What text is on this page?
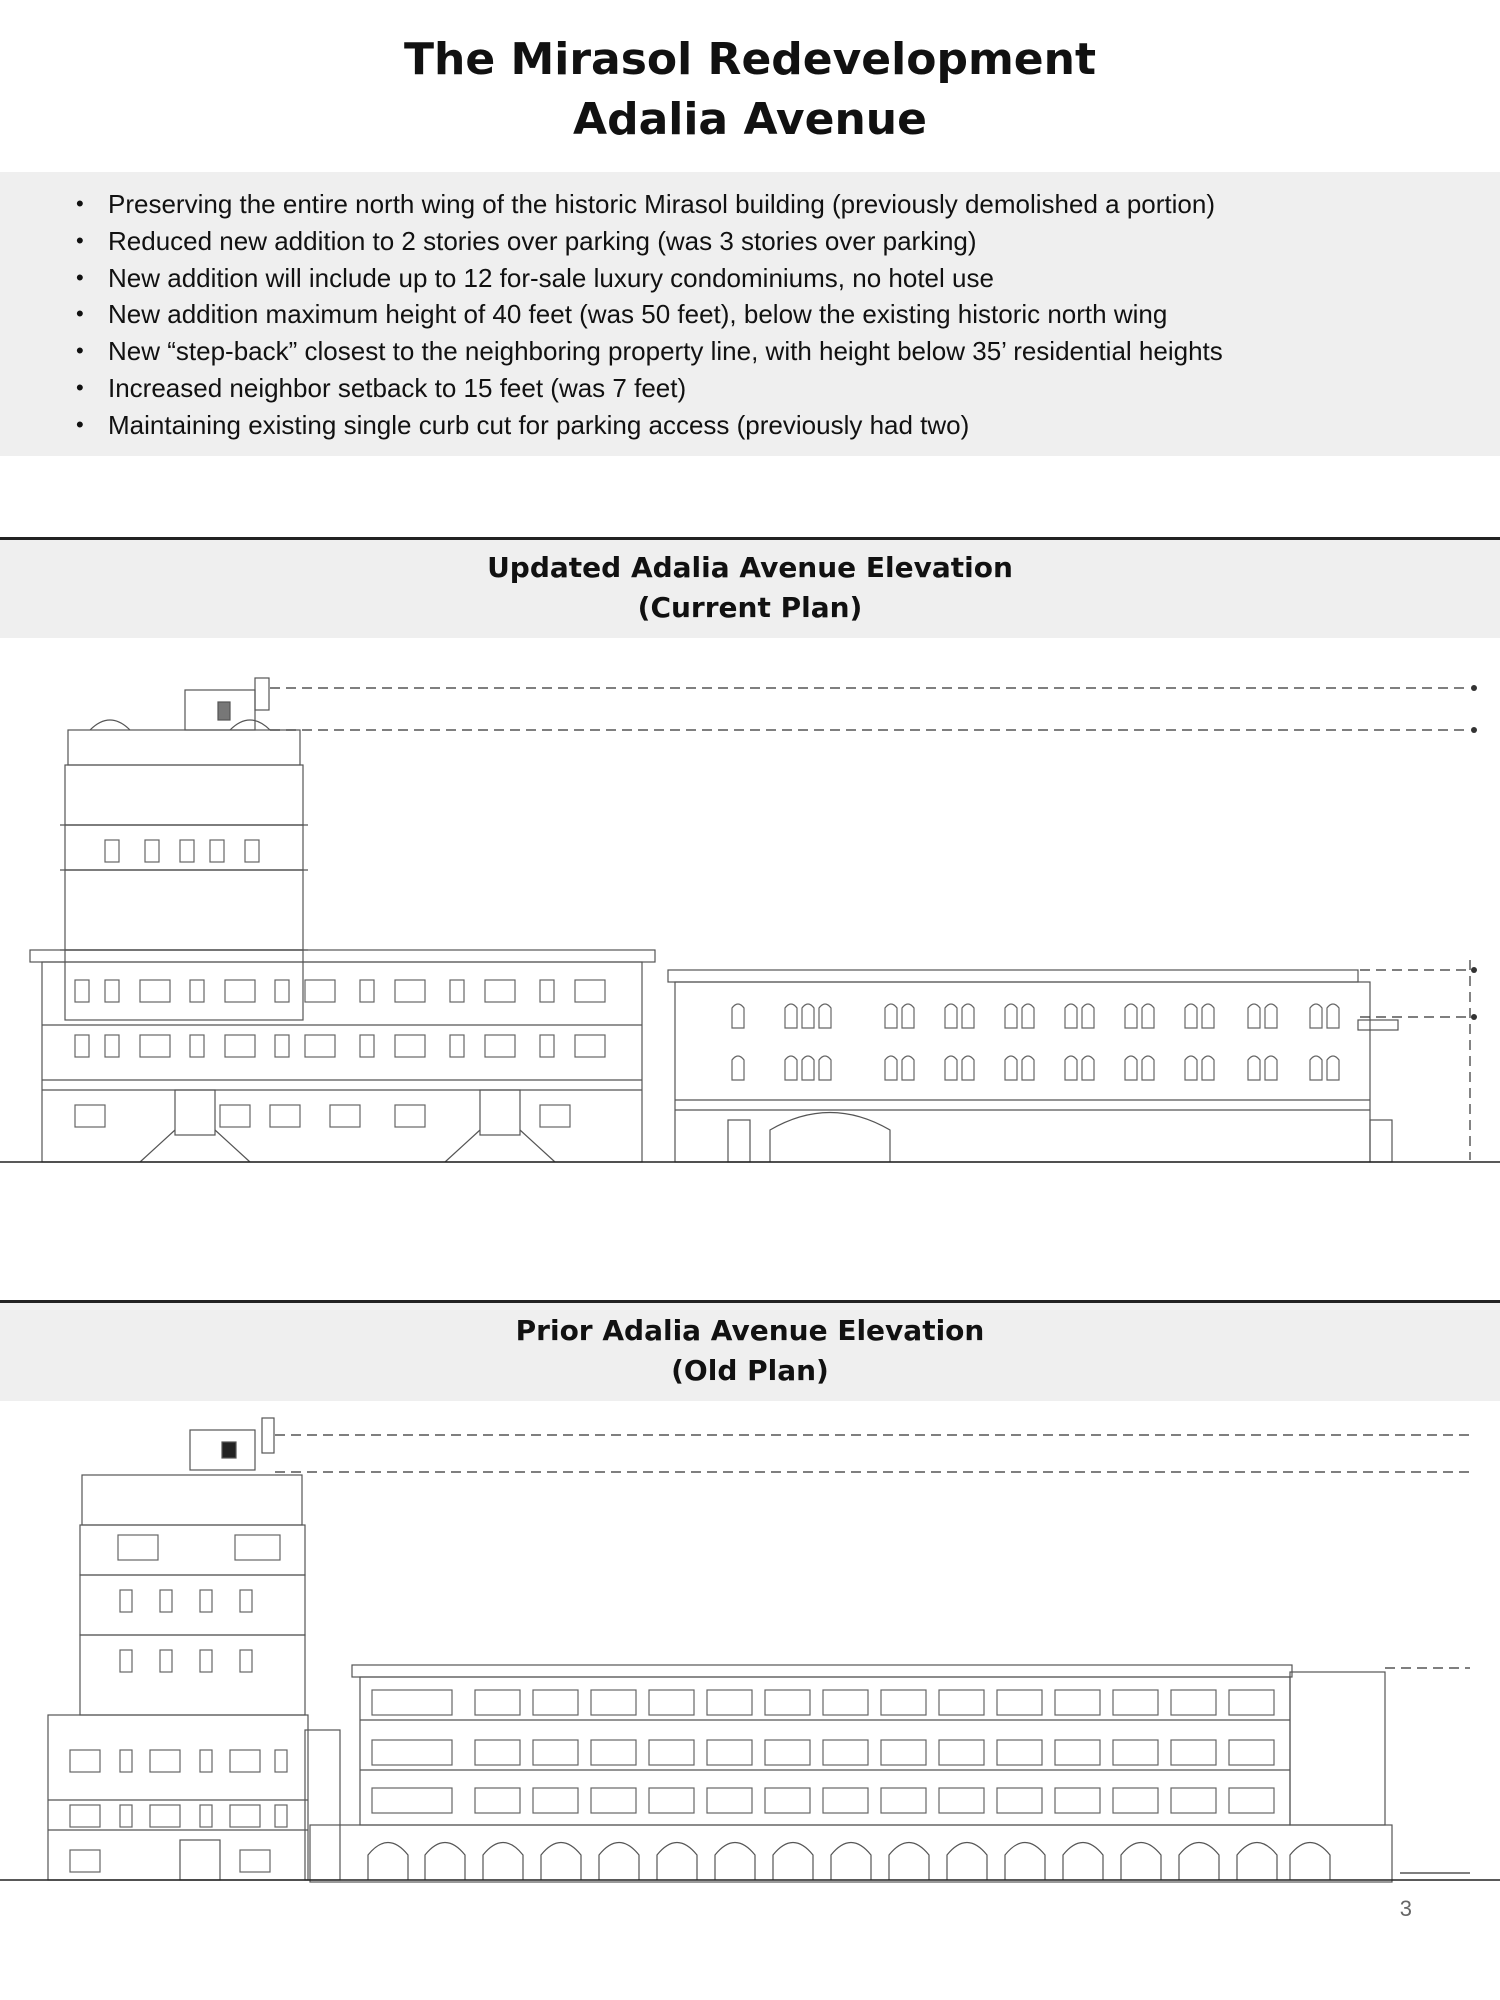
The Mirasol Redevelopment
Adalia Avenue
• Preserving the entire north wing of the historic Mirasol building (previously demolished a portion)
• Reduced new addition to 2 stories over parking (was 3 stories over parking)
• New addition will include up to 12 for-sale luxury condominiums, no hotel use
• New addition maximum height of 40 feet (was 50 feet), below the existing historic north wing
• New “step-back” closest to the neighboring property line, with height below 35’ residential heights
• Increased neighbor setback to 15 feet (was 7 feet)
• Maintaining existing single curb cut for parking access (previously had two)
Updated Adalia Avenue Elevation
(Current Plan)
Prior Adalia Avenue Elevation
(Old Plan)
3
